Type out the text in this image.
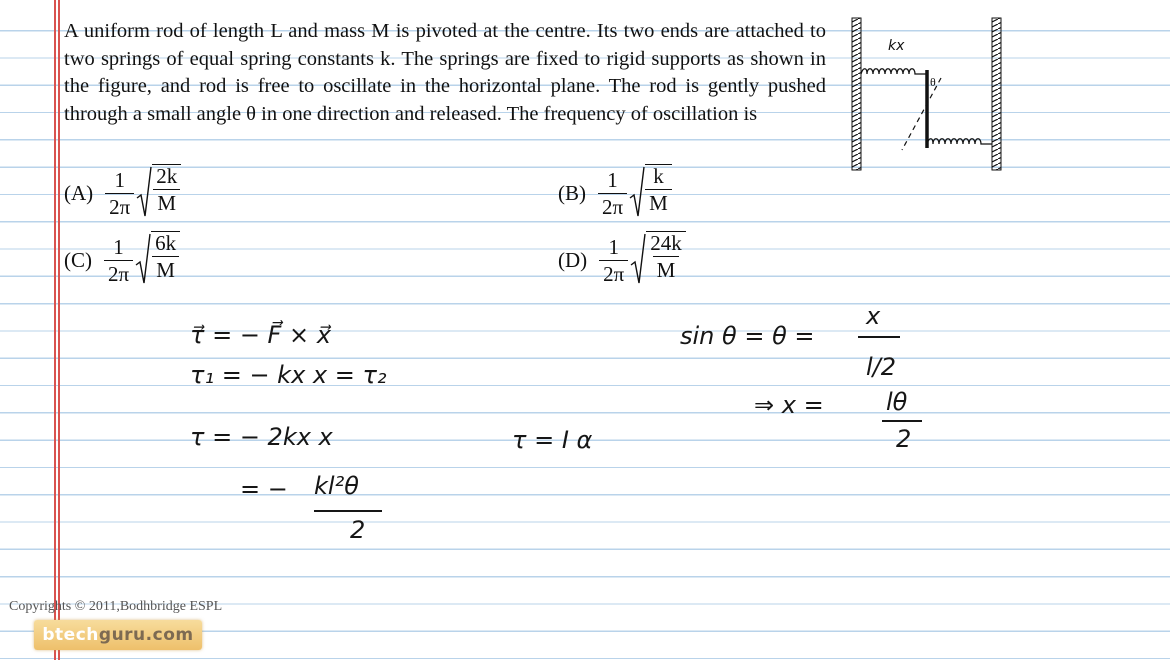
A uniform rod of length L and mass M is pivoted at the centre. Its two ends are attached to two springs of equal spring constants k. The springs are fixed to rigid supports as shown in the figure, and rod is free to oscillate in the horizontal plane. The rod is gently pushed through a small angle θ in one direction and released. The frequency of oscillation is

$(A) \frac{1}{2\pi} \frac{2k}{M}$	$(B) \frac{1}{2\pi} \frac{k}{M}$
$(C) \frac{1}{2\pi} \frac{6k}{M}$	$(D) \frac{1}{2\pi} \frac{24k}{M}$
kx
θ
τ⃗ = − F⃗ × x⃗
τ₁ = − kx x = τ₂
τ = − 2kx x
= − kl²θ
2
τ = I α
sin θ = θ =
x
l/2
⇒ x =	lθ
2
Copyrights © 2011,Bodhbridge ESPL
btech guru.com
